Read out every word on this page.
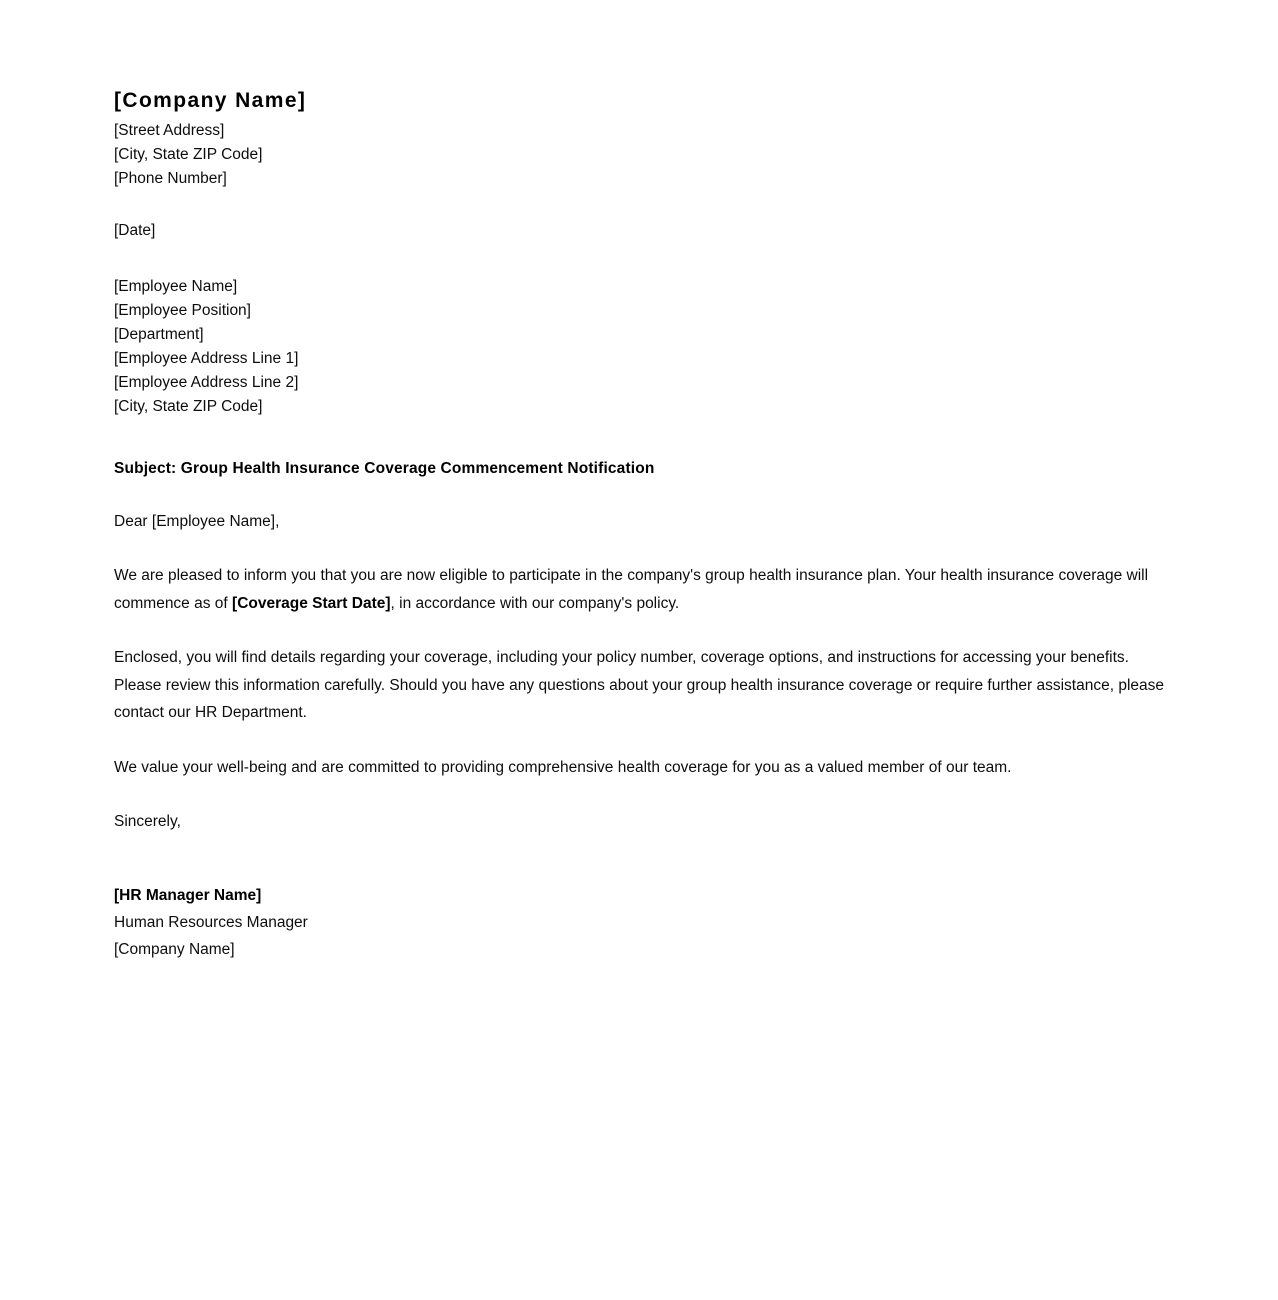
[Company Name]
[Street Address]
[City, State ZIP Code]
[Phone Number]
[Date]
[Employee Name]
[Employee Position]
[Department]
[Employee Address Line 1]
[Employee Address Line 2]
[City, State ZIP Code]
Subject: Group Health Insurance Coverage Commencement Notification
Dear [Employee Name],

We are pleased to inform you that you are now eligible to participate in the company's group health insurance plan. Your health insurance coverage will commence as of [Coverage Start Date], in accordance with our company's policy.

Enclosed, you will find details regarding your coverage, including your policy number, coverage options, and instructions for accessing your benefits. Please review this information carefully. Should you have any questions about your group health insurance coverage or require further assistance, please contact our HR Department.

We value your well-being and are committed to providing comprehensive health coverage for you as a valued member of our team.

Sincerely,
[HR Manager Name]
Human Resources Manager
[Company Name]
